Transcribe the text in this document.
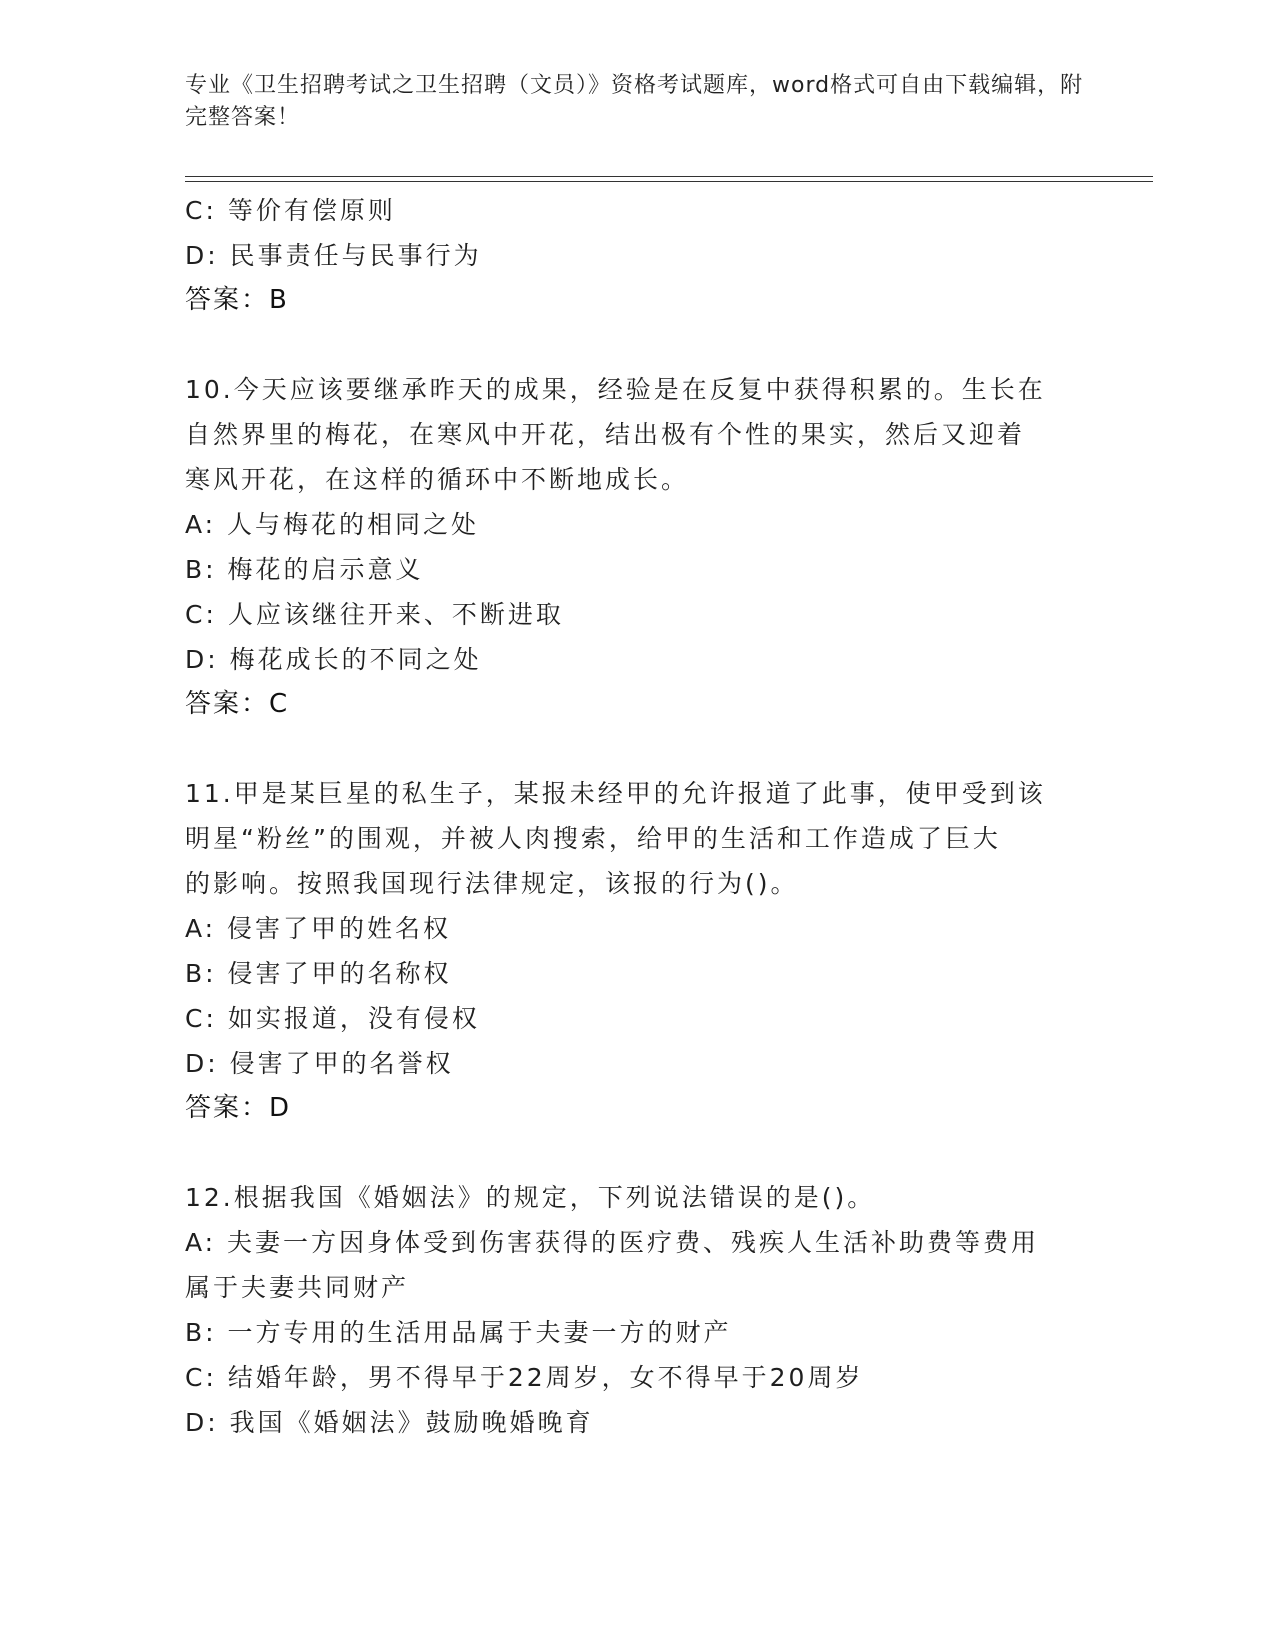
专业《卫生招聘考试之卫生招聘（文员）》资格考试题库，word格式可自由下载编辑，附完整答案！
C: 等价有偿原则
D: 民事责任与民事行为
答案：B
10.今天应该要继承昨天的成果，经验是在反复中获得积累的。生长在
自然界里的梅花，在寒风中开花，结出极有个性的果实，然后又迎着
寒风开花，在这样的循环中不断地成长。
A: 人与梅花的相同之处
B: 梅花的启示意义
C: 人应该继往开来、不断进取
D: 梅花成长的不同之处
答案：C
11.甲是某巨星的私生子，某报未经甲的允许报道了此事，使甲受到该
明星“粉丝”的围观，并被人肉搜索，给甲的生活和工作造成了巨大
的影响。按照我国现行法律规定，该报的行为()。
A: 侵害了甲的姓名权
B: 侵害了甲的名称权
C: 如实报道，没有侵权
D: 侵害了甲的名誉权
答案：D
12.根据我国《婚姻法》的规定，下列说法错误的是()。
A: 夫妻一方因身体受到伤害获得的医疗费、残疾人生活补助费等费用
属于夫妻共同财产
B: 一方专用的生活用品属于夫妻一方的财产
C: 结婚年龄，男不得早于22周岁，女不得早于20周岁
D: 我国《婚姻法》鼓励晚婚晚育
